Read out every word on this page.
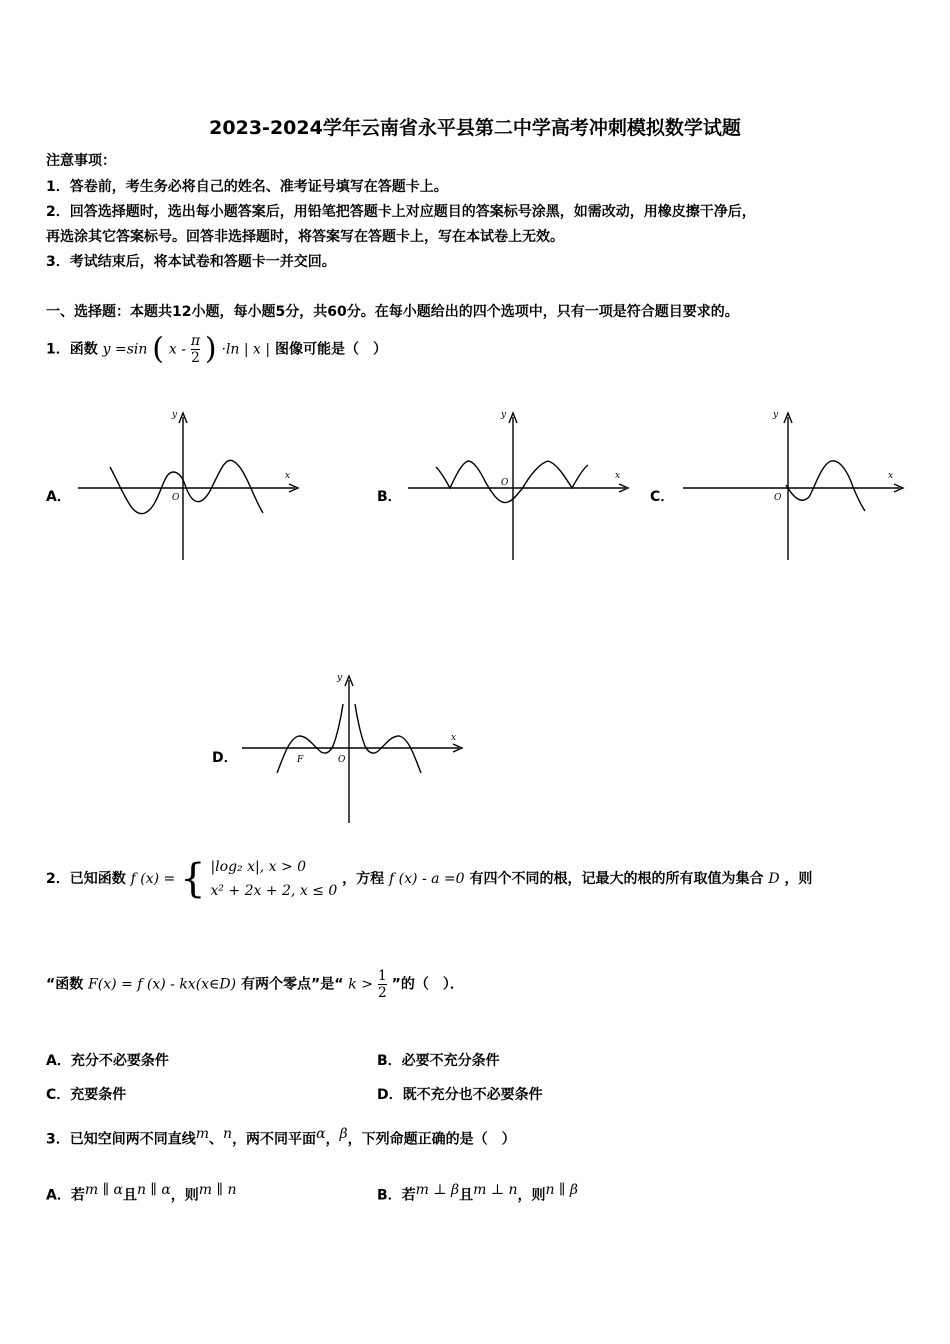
2023-2024学年云南省永平县第二中学高考冲刺模拟数学试题
注意事项：
1．答卷前，考生务必将自己的姓名、准考证号填写在答题卡上。
2．回答选择题时，选出每小题答案后，用铅笔把答题卡上对应题目的答案标号涂黑，如需改动，用橡皮擦干净后，
再选涂其它答案标号。回答非选择题时，将答案写在答题卡上，写在本试卷上无效。
3．考试结束后，将本试卷和答题卡一并交回。
一、选择题：本题共12小题，每小题5分，共60分。在每小题给出的四个选项中，只有一项是符合题目要求的。
1．函数 y =sin ( x - $\frac{\pi}{2}$ ) ·ln | x | 图像可能是（　）
A．	B．	C．
D．
x
y
O
x
y
O
x
y
O
x
y
O
F
2．已知函数 f (x) = { |log₂ x|, x > 0
x² + 2x + 2, x ≤ 0
，方程 f (x) - a =0 有四个不同的根，记最大的根的所有取值为集合 D ，则
“函数 F(x) = f (x) - kx(x∈D) 有两个零点”是“ $k > \frac{1}{2}$ ”的（　）．
A．充分不必要条件	B．必要不充分条件
C．充要条件	D．既不充分也不必要条件
3．已知空间两不同直线$^m$、$^n$，两不同平面$^\alpha$，$^\beta$，下列命题正确的是（　）
A．若$^{m \parallel \alpha}$且$^{n \parallel \alpha}$，则$^{m \parallel n}$	B．若$^{m \perp \beta}$且$^{m \perp n}$，则$^{n \parallel \beta}$
